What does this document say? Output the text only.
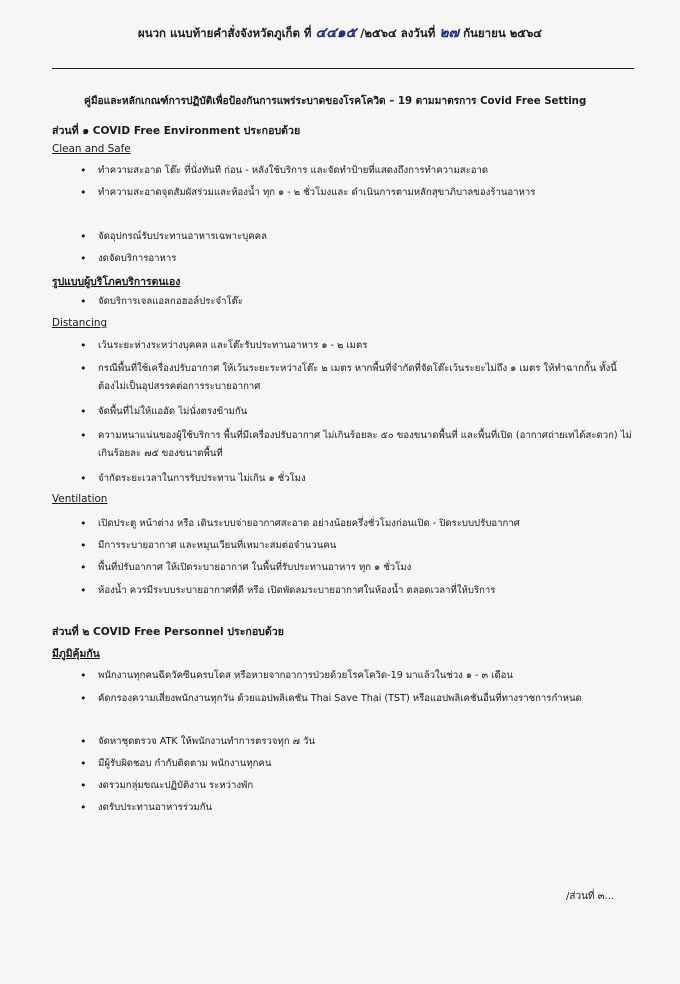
ผนวก แนบท้ายคำสั่งจังหวัดภูเก็ต ที่ ๔๔๑๕ /๒๕๖๔ ลงวันที่ ๒๗ กันยายน ๒๕๖๔
คู่มือและหลักเกณฑ์การปฏิบัติเพื่อป้องกันการแพร่ระบาดของโรคโควิด – 19 ตามมาตรการ Covid Free Setting
ส่วนที่ ๑ COVID Free Environment ประกอบด้วย
Clean and Safe
• ทำความสะอาด โต๊ะ ที่นั่งทันที ก่อน - หลังใช้บริการ และจัดทำป้ายที่แสดงถึงการทำความสะอาด
• ทำความสะอาดจุดสัมผัสร่วมและห้องน้ำ ทุก ๑ - ๒ ชั่วโมงและ ดำเนินการตามหลักสุขาภิบาลของร้านอาหาร
• จัดอุปกรณ์รับประทานอาหารเฉพาะบุคคล
• งดจัดบริการอาหาร
รูปแบบผู้บริโภคบริการตนเอง
• จัดบริการเจลแอลกอฮอล์ประจำโต๊ะ
Distancing
• เว้นระยะห่างระหว่างบุคคล และโต๊ะรับประทานอาหาร ๑ - ๒ เมตร
• กรณีพื้นที่ใช้เครื่องปรับอากาศ ให้เว้นระยะระหว่างโต๊ะ ๒ เมตร หากพื้นที่จำกัดที่จัดโต๊ะเว้นระยะไม่ถึง ๑ เมตร ให้ทำฉากกั้น ทั้งนี้ ต้องไม่เป็นอุปสรรคต่อการระบายอากาศ
• จัดพื้นที่ไม่ให้แออัด ไม่นั่งตรงข้ามกัน
• ความหนาแน่นของผู้ใช้บริการ พื้นที่มีเครื่องปรับอากาศ ไม่เกินร้อยละ ๕๐ ของขนาดพื้นที่ และพื้นที่เปิด (อากาศถ่ายเทได้สะดวก) ไม่เกินร้อยละ ๗๕ ของขนาดพื้นที่
• จำกัดระยะเวลาในการรับประทาน ไม่เกิน ๑ ชั่วโมง
Ventilation
• เปิดประตู หน้าต่าง หรือ เดินระบบจ่ายอากาศสะอาด อย่างน้อยครึ่งชั่วโมงก่อนเปิด - ปิดระบบปรับอากาศ
• มีการระบายอากาศ และหมุนเวียนที่เหมาะสมต่อจำนวนคน
• พื้นที่ปรับอากาศ ให้เปิดระบายอากาศ ในพื้นที่รับประทานอาหาร ทุก ๑ ชั่วโมง
• ห้องน้ำ ควรมีระบบระบายอากาศที่ดี หรือ เปิดพัดลมระบายอากาศในห้องน้ำ ตลอดเวลาที่ให้บริการ
ส่วนที่ ๒ COVID Free Personnel ประกอบด้วย
มีภูมิคุ้มกัน
• พนักงานทุกคนฉีดวัคซีนครบโดส หรือหายจากอาการป่วยด้วยโรคโควิด-19 มาแล้วในช่วง ๑ - ๓ เดือน
• คัดกรองความเสี่ยงพนักงานทุกวัน ด้วยแอปพลิเคชัน Thai Save Thai (TST) หรือแอปพลิเคชันอื่นที่ทางราชการกำหนด
• จัดหาชุดตรวจ ATK ให้พนักงานทำการตรวจทุก ๗ วัน
• มีผู้รับผิดชอบ กำกับติดตาม พนักงานทุกคน
• งดรวมกลุ่มขณะปฏิบัติงาน ระหว่างพัก
• งดรับประทานอาหารร่วมกัน
/ส่วนที่ ๓...
